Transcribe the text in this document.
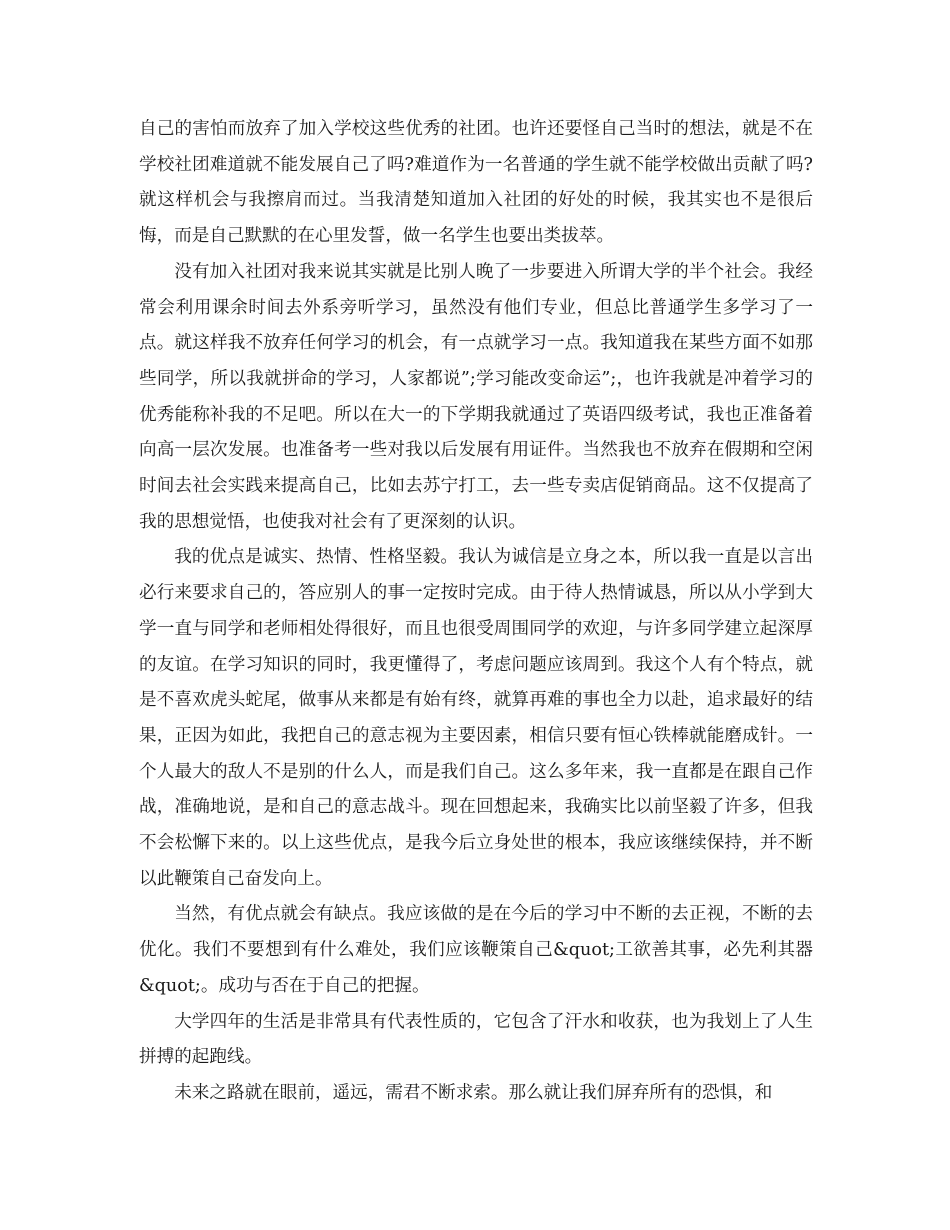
自己的害怕而放弃了加入学校这些优秀的社团。也许还要怪自己当时的想法，就是不在学校社团难道就不能发展自己了吗?难道作为一名普通的学生就不能学校做出贡献了吗?就这样机会与我擦肩而过。当我清楚知道加入社团的好处的时候，我其实也不是很后悔，而是自己默默的在心里发誓，做一名学生也要出类拔萃。

没有加入社团对我来说其实就是比别人晚了一步要进入所谓大学的半个社会。我经常会利用课余时间去外系旁听学习，虽然没有他们专业，但总比普通学生多学习了一点。就这样我不放弃任何学习的机会，有一点就学习一点。我知道我在某些方面不如那些同学，所以我就拼命的学习，人家都说”;学习能改变命运”;，也许我就是冲着学习的优秀能称补我的不足吧。所以在大一的下学期我就通过了英语四级考试，我也正准备着向高一层次发展。也准备考一些对我以后发展有用证件。当然我也不放弃在假期和空闲时间去社会实践来提高自己，比如去苏宁打工，去一些专卖店促销商品。这不仅提高了我的思想觉悟，也使我对社会有了更深刻的认识。

我的优点是诚实、热情、性格坚毅。我认为诚信是立身之本，所以我一直是以言出必行来要求自己的，答应别人的事一定按时完成。由于待人热情诚恳，所以从小学到大学一直与同学和老师相处得很好，而且也很受周围同学的欢迎，与许多同学建立起深厚的友谊。在学习知识的同时，我更懂得了，考虑问题应该周到。我这个人有个特点，就是不喜欢虎头蛇尾，做事从来都是有始有终，就算再难的事也全力以赴，追求最好的结果，正因为如此，我把自己的意志视为主要因素，相信只要有恒心铁棒就能磨成针。一个人最大的敌人不是别的什么人，而是我们自己。这么多年来，我一直都是在跟自己作战，准确地说，是和自己的意志战斗。现在回想起来，我确实比以前坚毅了许多，但我不会松懈下来的。以上这些优点，是我今后立身处世的根本，我应该继续保持，并不断以此鞭策自己奋发向上。

当然，有优点就会有缺点。我应该做的是在今后的学习中不断的去正视，不断的去优化。我们不要想到有什么难处，我们应该鞭策自己&quot;工欲善其事，必先利其器&quot;。成功与否在于自己的把握。

大学四年的生活是非常具有代表性质的，它包含了汗水和收获，也为我划上了人生拼搏的起跑线。

未来之路就在眼前，遥远，需君不断求索。那么就让我们屏弃所有的恐惧，和
